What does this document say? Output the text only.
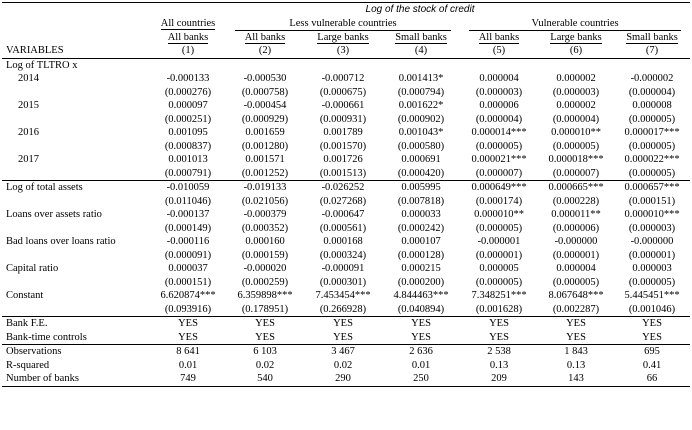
	Log of the stock of credit						
	All countries	Less vulnerable countries			Vulnerable countries		
	All banks	All banks	Large banks	Small banks	All banks	Large banks	Small banks
VARIABLES	(1)	(2)	(3)	(4)	(5)	(6)	(7)
Log of TLTRO x							
2014	-0.000133	-0.000530	-0.000712	0.001413*	0.000004	0.000002	-0.000002
	(0.000276)	(0.000758)	(0.000675)	(0.000794)	(0.000003)	(0.000003)	(0.000004)
2015	0.000097	-0.000454	-0.000661	0.001622*	0.000006	0.000002	0.000008
	(0.000251)	(0.000929)	(0.000931)	(0.000902)	(0.000004)	(0.000004)	(0.000005)
2016	0.001095	0.001659	0.001789	0.001043*	0.000014***	0.000010**	0.000017***
	(0.000837)	(0.001280)	(0.001570)	(0.000580)	(0.000005)	(0.000005)	(0.000005)
2017	0.001013	0.001571	0.001726	0.000691	0.000021***	0.000018***	0.000022***
	(0.000791)	(0.001252)	(0.001513)	(0.000420)	(0.000007)	(0.000007)	(0.000005)
Log of total assets	-0.010059	-0.019133	-0.026252	0.005995	0.000649***	0.000665***	0.000657***
	(0.011046)	(0.021056)	(0.027268)	(0.007818)	(0.000174)	(0.000228)	(0.000151)
Loans over assets ratio	-0.000137	-0.000379	-0.000647	0.000033	0.000010**	0.000011**	0.000010***
	(0.000149)	(0.000352)	(0.000561)	(0.000242)	(0.000005)	(0.000006)	(0.000003)
Bad loans over loans ratio	-0.000116	0.000160	0.000168	0.000107	-0.000001	-0.000000	-0.000000
	(0.000091)	(0.000159)	(0.000324)	(0.000128)	(0.000001)	(0.000001)	(0.000001)
Capital ratio	0.000037	-0.000020	-0.000091	0.000215	0.000005	0.000004	0.000003
	(0.000151)	(0.000259)	(0.000301)	(0.000200)	(0.000005)	(0.000005)	(0.000005)
Constant	6.620874***	6.359898***	7.453454***	4.844463***	7.348251***	8.067648***	5.445451***
	(0.093916)	(0.178951)	(0.266928)	(0.040894)	(0.001628)	(0.002287)	(0.001046)
Bank F.E.	YES	YES	YES	YES	YES	YES	YES
Bank-time controls	YES	YES	YES	YES	YES	YES	YES
Observations	8 641	6 103	3 467	2 636	2 538	1 843	695
R-squared	0.01	0.02	0.02	0.01	0.13	0.13	0.41
Number of banks	749	540	290	250	209	143	66
